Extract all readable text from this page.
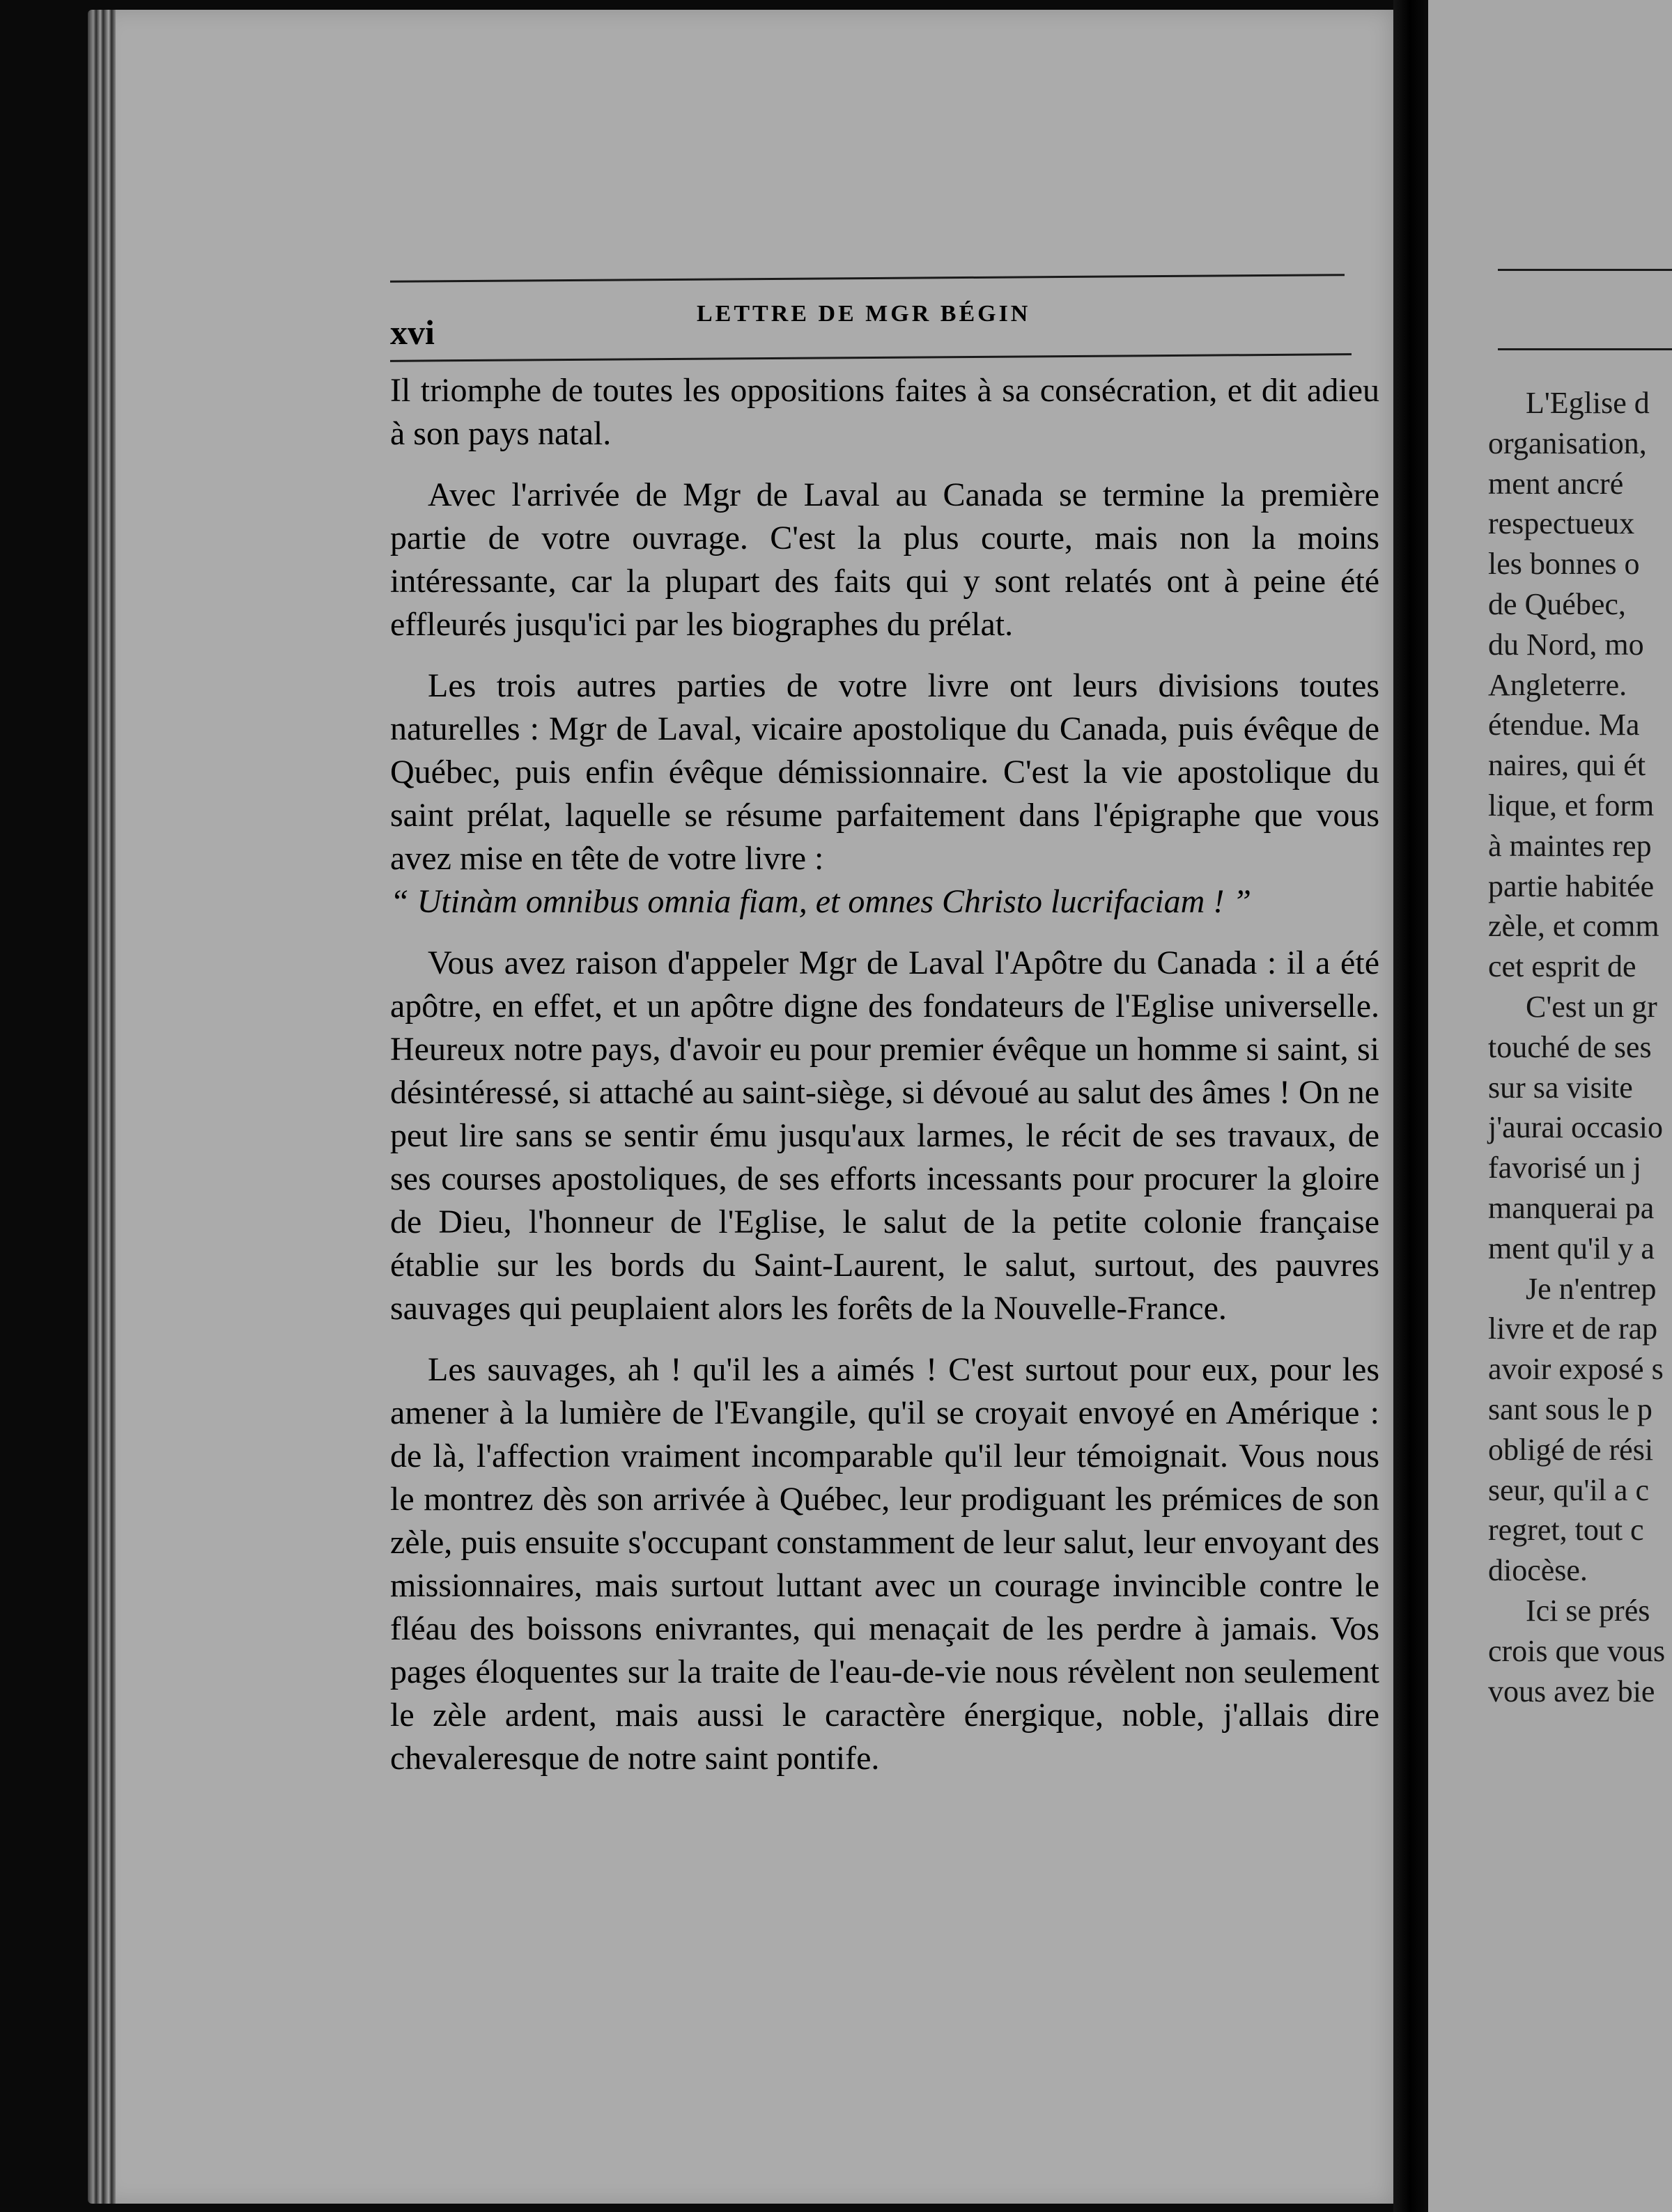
xvi	LETTRE DE MGR BÉGIN

Il triomphe de toutes les oppositions faites à sa consécration, et dit adieu à son pays natal.

Avec l'arrivée de Mgr de Laval au Canada se termine la première partie de votre ouvrage. C'est la plus courte, mais non la moins intéressante, car la plupart des faits qui y sont relatés ont à peine été effleurés jusqu'ici par les biographes du prélat.

Les trois autres parties de votre livre ont leurs divisions toutes naturelles : Mgr de Laval, vicaire apostolique du Canada, puis évêque de Québec, puis enfin évêque démissionnaire. C'est la vie apostolique du saint prélat, laquelle se résume parfaitement dans l'épigraphe que vous avez mise en tête de votre livre :

“ Utinàm omnibus omnia fiam, et omnes Christo lucrifaciam ! ”

Vous avez raison d'appeler Mgr de Laval l'Apôtre du Canada : il a été apôtre, en effet, et un apôtre digne des fondateurs de l'Eglise universelle. Heureux notre pays, d'avoir eu pour premier évêque un homme si saint, si désintéressé, si attaché au saint-siège, si dévoué au salut des âmes ! On ne peut lire sans se sentir ému jusqu'aux larmes, le récit de ses travaux, de ses courses apostoliques, de ses efforts incessants pour procurer la gloire de Dieu, l'honneur de l'Eglise, le salut de la petite colonie française établie sur les bords du Saint-Laurent, le salut, surtout, des pauvres sauvages qui peuplaient alors les forêts de la Nouvelle-France.

Les sauvages, ah ! qu'il les a aimés ! C'est surtout pour eux, pour les amener à la lumière de l'Evangile, qu'il se croyait envoyé en Amérique : de là, l'affection vraiment incomparable qu'il leur témoignait. Vous nous le montrez dès son arrivée à Québec, leur prodiguant les prémices de son zèle, puis ensuite s'occupant constamment de leur salut, leur envoyant des missionnaires, mais surtout luttant avec un courage invincible contre le fléau des boissons enivrantes, qui menaçait de les perdre à jamais. Vos pages éloquentes sur la traite de l'eau-de-vie nous révèlent non seulement le zèle ardent, mais aussi le caractère énergique, noble, j'allais dire chevaleresque de notre saint pontife.

L'Eglise d
organisation,
ment ancré
respectueux
les bonnes o
de Québec,
du Nord, mo
Angleterre.
étendue. Ma
naires, qui ét
lique, et form
à maintes rep
partie habitée
zèle, et comm
cet esprit de
C'est un gr
touché de ses
sur sa visite
j'aurai occasio
favorisé un j
manquerai pa
ment qu'il y a
Je n'entrep
livre et de rap
avoir exposé s
sant sous le p
obligé de rési
seur, qu'il a c
regret, tout c
diocèse.
Ici se prés
crois que vous
vous avez bie
